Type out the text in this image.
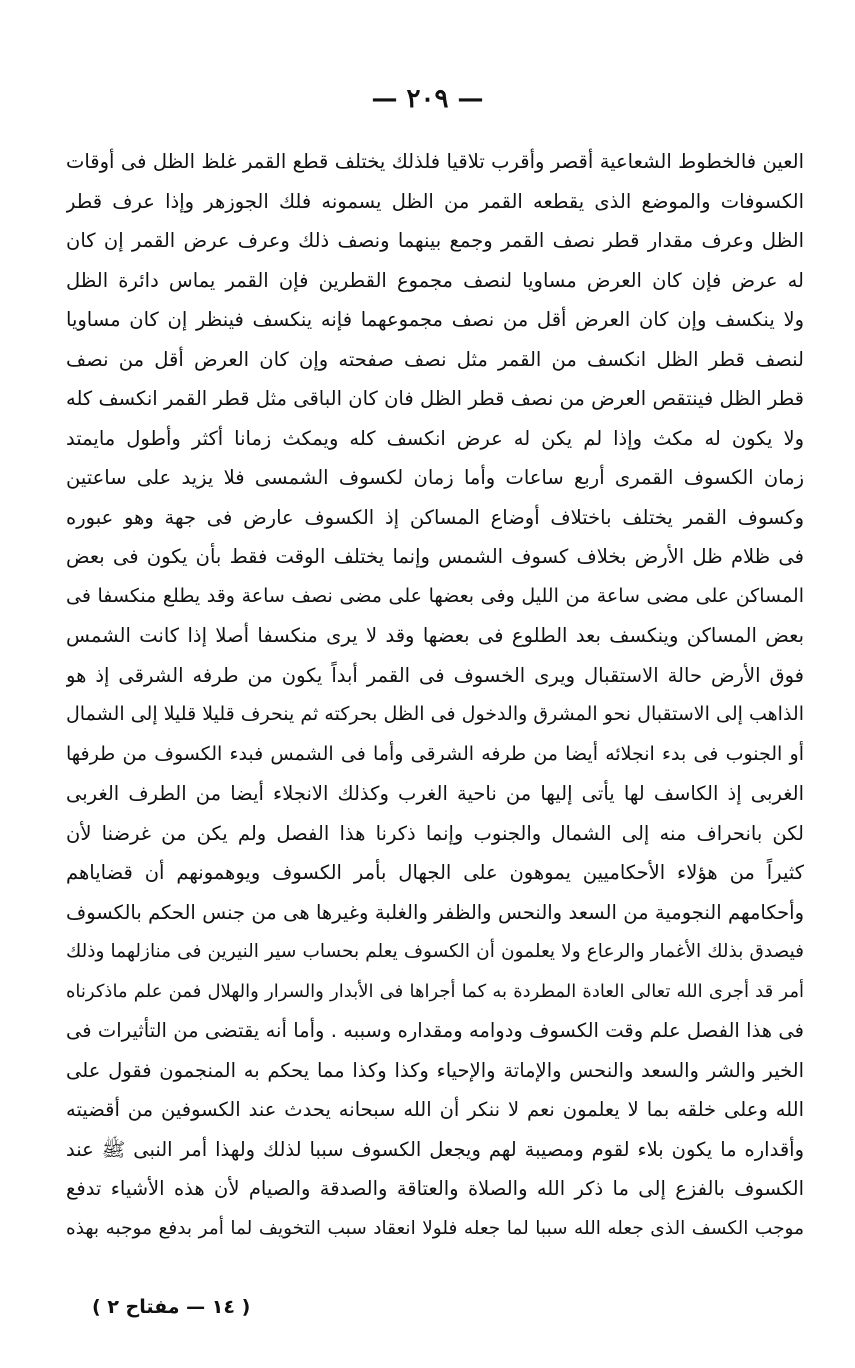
— ۲۰۹ —
العين فالخطوط الشعاعية أقصر وأقرب تلاقيا فلذلك يختلف قطع القمر غلظ الظل فى أوقات
الكسوفات والموضع الذى يقطعه القمر من الظل يسمونه فلك الجوزهر وإذا عرف قطر
الظل وعرف مقدار قطر نصف القمر وجمع بينهما ونصف ذلك وعرف عرض القمر إن كان
له عرض فإن كان العرض مساويا لنصف مجموع القطرين فإن القمر يماس دائرة الظل
ولا ينكسف وإن كان العرض أقل من نصف مجموعهما فإنه ينكسف فينظر إن كان مساويا
لنصف قطر الظل انكسف من القمر مثل نصف صفحته وإن كان العرض أقل من نصف
قطر الظل فينتقص العرض من نصف قطر الظل فان كان الباقى مثل قطر القمر انكسف كله
ولا يكون له مكث وإذا لم يكن له عرض انكسف كله ويمكث زمانا أكثر وأطول مايمتد
زمان الكسوف القمرى أربع ساعات وأما زمان لكسوف الشمسى فلا يزيد على ساعتين
وكسوف القمر يختلف باختلاف أوضاع المساكن إذ الكسوف عارض فى جهة وهو عبوره
فى ظلام ظل الأرض بخلاف كسوف الشمس وإنما يختلف الوقت فقط بأن يكون فى بعض
المساكن على مضى ساعة من الليل وفى بعضها على مضى نصف ساعة وقد يطلع منكسفا فى
بعض المساكن وينكسف بعد الطلوع فى بعضها وقد لا يرى منكسفا أصلا إذا كانت الشمس
فوق الأرض حالة الاستقبال ويرى الخسوف فى القمر أبداً يكون من طرفه الشرقى إذ هو
الذاهب إلى الاستقبال نحو المشرق والدخول فى الظل بحركته ثم ينحرف قليلا قليلا إلى الشمال
أو الجنوب فى بدء انجلائه أيضا من طرفه الشرقى وأما فى الشمس فبدء الكسوف من طرفها
الغربى إذ الكاسف لها يأتى إليها من ناحية الغرب وكذلك الانجلاء أيضا من الطرف الغربى
لكن بانحراف منه إلى الشمال والجنوب وإنما ذكرنا هذا الفصل ولم يكن من غرضنا لأن
كثيراً من هؤلاء الأحكاميين يموهون على الجهال بأمر الكسوف ويوهمونهم أن قضاياهم
وأحكامهم النجومية من السعد والنحس والظفر والغلبة وغيرها هى من جنس الحكم بالكسوف
فيصدق بذلك الأغمار والرعاع ولا يعلمون أن الكسوف يعلم بحساب سير النيرين فى منازلهما وذلك
أمر قد أجرى الله تعالى العادة المطردة به كما أجراها فى الأبدار والسرار والهلال فمن علم ماذكرناه
فى هذا الفصل علم وقت الكسوف ودوامه ومقداره وسببه . وأما أنه يقتضى من التأثيرات فى
الخير والشر والسعد والنحس والإماتة والإحياء وكذا وكذا مما يحكم به المنجمون فقول على
الله وعلى خلقه بما لا يعلمون نعم لا ننكر أن الله سبحانه يحدث عند الكسوفين من أقضيته
وأقداره ما يكون بلاء لقوم ومصيبة لهم ويجعل الكسوف سببا لذلك ولهذا أمر النبى ﷺ عند
الكسوف بالفزع إلى ما ذكر الله والصلاة والعتاقة والصدقة والصيام لأن هذه الأشياء تدفع
موجب الكسف الذى جعله الله سببا لما جعله فلولا انعقاد سبب التخويف لما أمر بدفع موجبه بهذه
( ١٤ — مفتاح ٢ )
